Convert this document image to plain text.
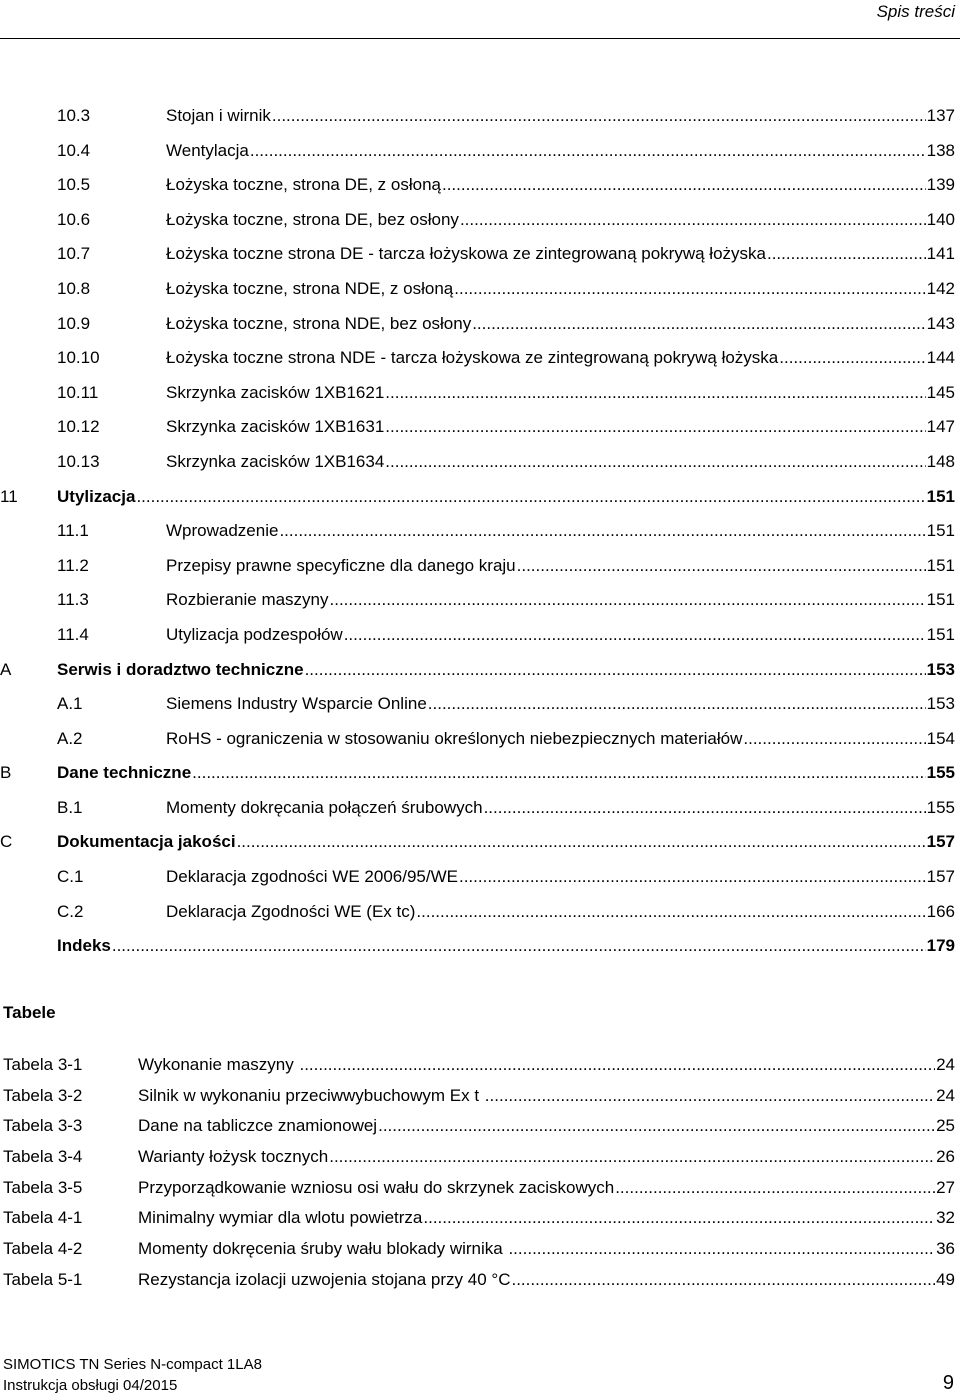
Spis treści
10.3	Stojan i wirnik .....	137
10.4	Wentylacja .....	138
10.5	Łożyska toczne, strona DE, z osłoną .....	139
10.6	Łożyska toczne, strona DE, bez osłony .....	140
10.7	Łożyska toczne strona DE - tarcza łożyskowa ze zintegrowaną pokrywą łożyska .....	141
10.8	Łożyska toczne, strona NDE, z osłoną .....	142
10.9	Łożyska toczne, strona NDE, bez osłony .....	143
10.10	Łożyska toczne strona NDE - tarcza łożyskowa ze zintegrowaną pokrywą łożyska .....	144
10.11	Skrzynka zacisków 1XB1621 .....	145
10.12	Skrzynka zacisków 1XB1631 .....	147
10.13	Skrzynka zacisków 1XB1634 .....	148
11 Utylizacja .....	151
11.1	Wprowadzenie .....	151
11.2	Przepisy prawne specyficzne dla danego kraju .....	151
11.3	Rozbieranie maszyny .....	151
11.4	Utylizacja podzespołów .....	151
A	Serwis i doradztwo techniczne .....	153
A.1	Siemens Industry Wsparcie Online .....	153
A.2	RoHS - ograniczenia w stosowaniu określonych niebezpiecznych materiałów .....	154
B	Dane techniczne .....	155
B.1	Momenty dokręcania połączeń śrubowych .....	155
C	Dokumentacja jakości .....	157
C.1	Deklaracja zgodności WE 2006/95/WE .....	157
C.2	Deklaracja Zgodności WE (Ex tc) .....	166
Indeks .....	179
Tabele
Tabela 3-1	Wykonanie maszyny .....	24
Tabela 3-2	Silnik w wykonaniu przeciwwybuchowym Ex t .....	24
Tabela 3-3	Dane na tabliczce znamionowej .....	25
Tabela 3-4	Warianty łożysk tocznych .....	26
Tabela 3-5	Przyporządkowanie wzniosu osi wału do skrzynek zaciskowych .....	27
Tabela 4-1	Minimalny wymiar dla wlotu powietrza .....	32
Tabela 4-2	Momenty dokręcenia śruby wału blokady wirnika .....	36
Tabela 5-1	Rezystancja izolacji uzwojenia stojana przy 40 °C .....	49
SIMOTICS TN Series N-compact 1LA8
Instrukcja obsługi 04/2015	9
